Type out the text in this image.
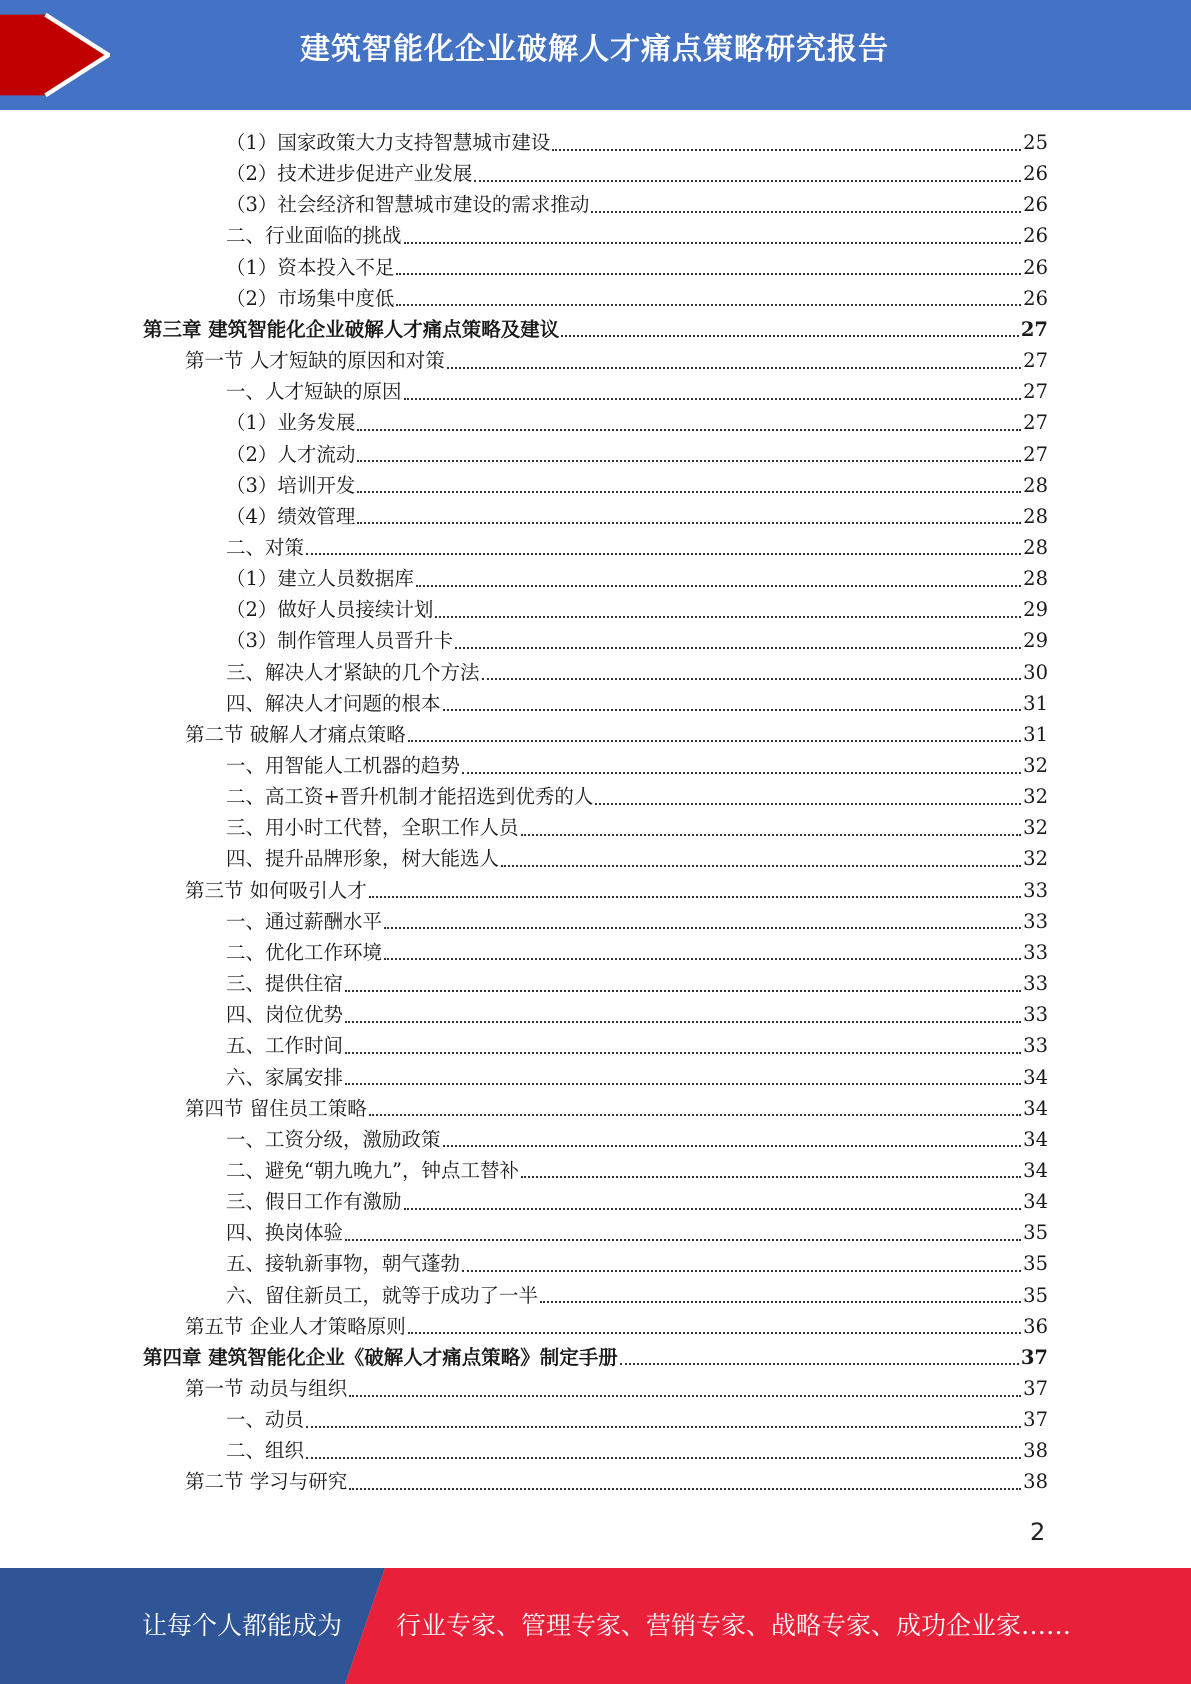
建筑智能化企业破解人才痛点策略研究报告
（1）国家政策大力支持智慧城市建设	25
（2）技术进步促进产业发展	26
（3）社会经济和智慧城市建设的需求推动	26
二、行业面临的挑战	26
（1）资本投入不足	26
（2）市场集中度低	26
第三章 建筑智能化企业破解人才痛点策略及建议	27
第一节 人才短缺的原因和对策	27
一、人才短缺的原因	27
（1）业务发展	27
（2）人才流动	27
（3）培训开发	28
（4）绩效管理	28
二、对策	28
（1）建立人员数据库	28
（2）做好人员接续计划	29
（3）制作管理人员晋升卡	29
三、解决人才紧缺的几个方法	30
四、解决人才问题的根本	31
第二节 破解人才痛点策略	31
一、用智能人工机器的趋势	32
二、高工资+晋升机制才能招选到优秀的人	32
三、用小时工代替，全职工作人员	32
四、提升品牌形象，树大能选人	32
第三节 如何吸引人才	33
一、通过薪酬水平	33
二、优化工作环境	33
三、提供住宿	33
四、岗位优势	33
五、工作时间	33
六、家属安排	34
第四节 留住员工策略	34
一、工资分级，激励政策	34
二、避免“朝九晚九”，钟点工替补	34
三、假日工作有激励	34
四、换岗体验	35
五、接轨新事物，朝气蓬勃	35
六、留住新员工，就等于成功了一半	35
第五节 企业人才策略原则	36
第四章 建筑智能化企业《破解人才痛点策略》制定手册	37
第一节 动员与组织	37
一、动员	37
二、组织	38
第二节 学习与研究	38
2
让每个人都能成为 行业专家、管理专家、营销专家、战略专家、成功企业家……
